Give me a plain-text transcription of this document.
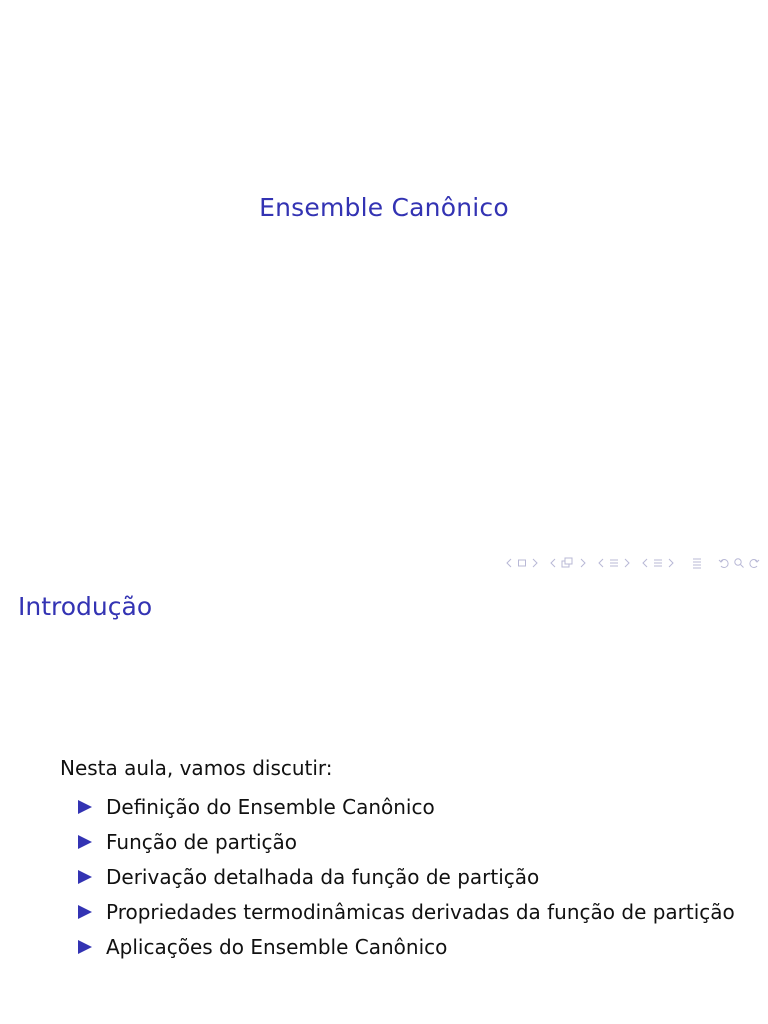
Ensemble Canônico
Introdução

Nesta aula, vamos discutir:

Definição do Ensemble Canônico
Função de partição
Derivação detalhada da função de partição
Propriedades termodinâmicas derivadas da função de partição
Aplicações do Ensemble Canônico
